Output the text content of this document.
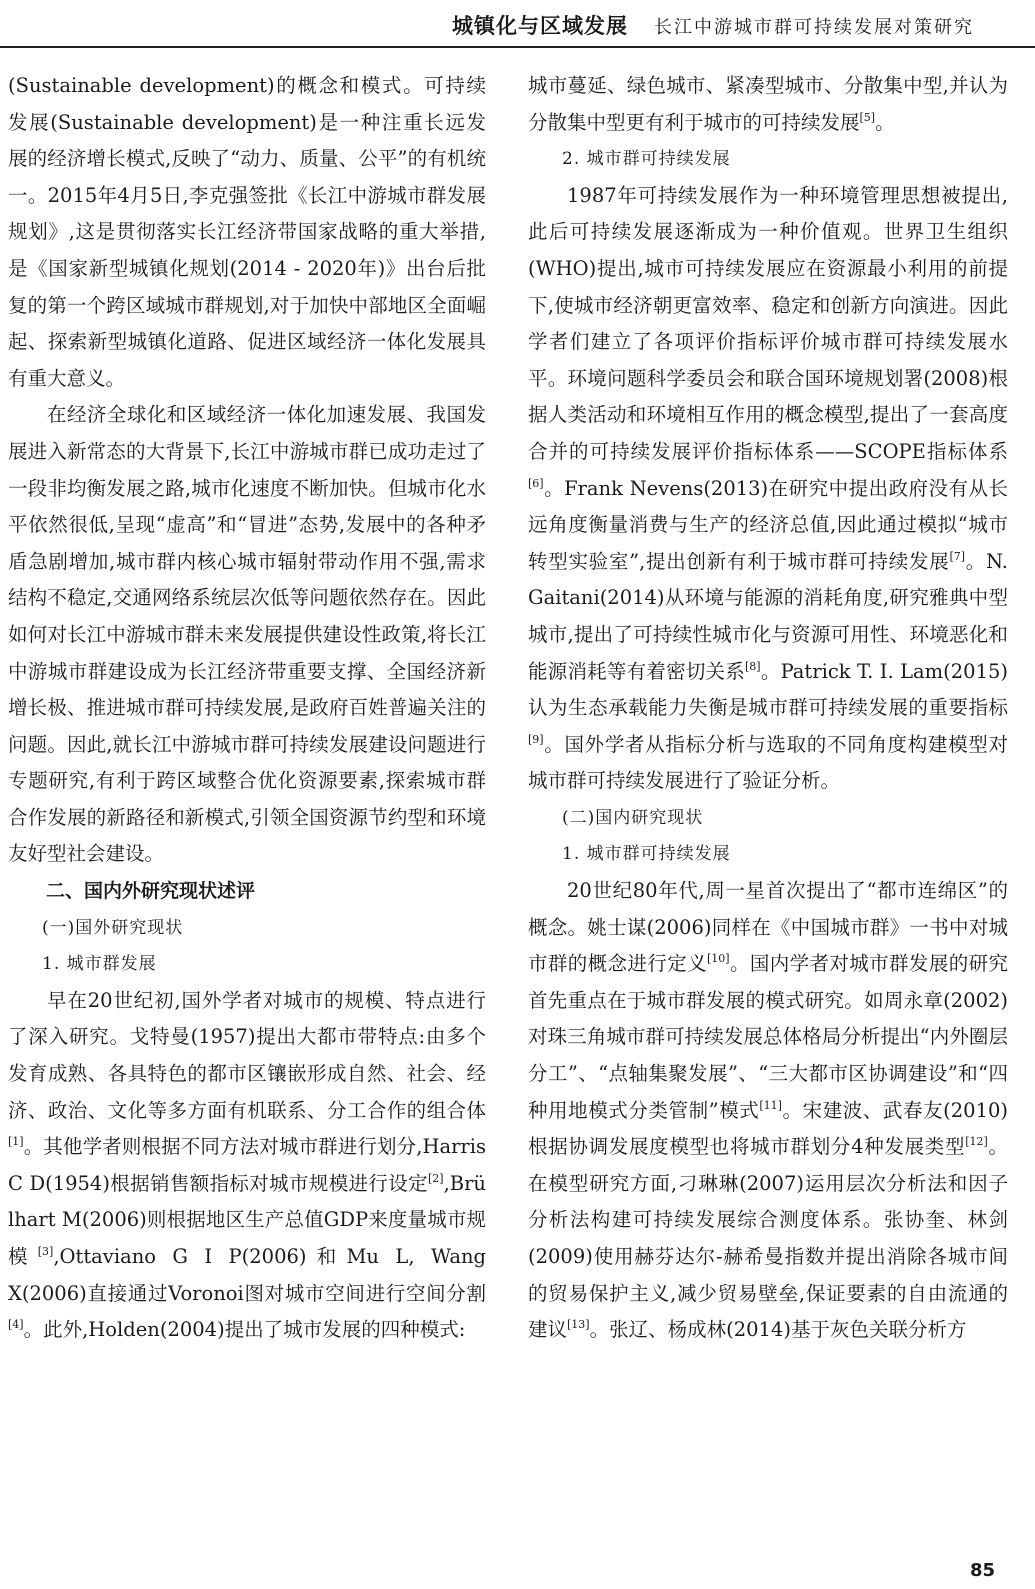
城镇化与区域发展 长江中游城市群可持续发展对策研究

(Sustainable development)的概念和模式。可持续发展(Sustainable development)是一种注重长远发展的经济增长模式,反映了“动力、质量、公平”的有机统一。2015年4月5日,李克强签批《长江中游城市群发展规划》,这是贯彻落实长江经济带国家战略的重大举措,是《国家新型城镇化规划(2014 - 2020年)》出台后批复的第一个跨区域城市群规划,对于加快中部地区全面崛起、探索新型城镇化道路、促进区域经济一体化发展具有重大意义。

在经济全球化和区域经济一体化加速发展、我国发展进入新常态的大背景下,长江中游城市群已成功走过了一段非均衡发展之路,城市化速度不断加快。但城市化水平依然很低,呈现“虚高”和“冒进”态势,发展中的各种矛盾急剧增加,城市群内核心城市辐射带动作用不强,需求结构不稳定,交通网络系统层次低等问题依然存在。因此如何对长江中游城市群未来发展提供建设性政策,将长江中游城市群建设成为长江经济带重要支撑、全国经济新增长极、推进城市群可持续发展,是政府百姓普遍关注的问题。因此,就长江中游城市群可持续发展建设问题进行专题研究,有利于跨区域整合优化资源要素,探索城市群合作发展的新路径和新模式,引领全国资源节约型和环境友好型社会建设。

二、国内外研究现状述评

(一)国外研究现状

1. 城市群发展

早在20世纪初,国外学者对城市的规模、特点进行了深入研究。戈特曼(1957)提出大都市带特点:由多个发育成熟、各具特色的都市区镶嵌形成自然、社会、经济、政治、文化等多方面有机联系、分工合作的组合体[1]。其他学者则根据不同方法对城市群进行划分,Harris C D(1954)根据销售额指标对城市规模进行设定[2],Brü lhart M(2006)则根据地区生产总值GDP来度量城市规模[3],Ottaviano G I P(2006)和Mu L, Wang X(2006)直接通过Voronoi图对城市空间进行空间分割[4]。此外,Holden(2004)提出了城市发展的四种模式:

城市蔓延、绿色城市、紧凑型城市、分散集中型,并认为分散集中型更有利于城市的可持续发展[5]。

2. 城市群可持续发展

1987年可持续发展作为一种环境管理思想被提出,此后可持续发展逐渐成为一种价值观。世界卫生组织(WHO)提出,城市可持续发展应在资源最小利用的前提下,使城市经济朝更富效率、稳定和创新方向演进。因此学者们建立了各项评价指标评价城市群可持续发展水平。环境问题科学委员会和联合国环境规划署(2008)根据人类活动和环境相互作用的概念模型,提出了一套高度合并的可持续发展评价指标体系——SCOPE指标体系[6]。Frank Nevens(2013)在研究中提出政府没有从长远角度衡量消费与生产的经济总值,因此通过模拟“城市转型实验室”,提出创新有利于城市群可持续发展[7]。N. Gaitani(2014)从环境与能源的消耗角度,研究雅典中型城市,提出了可持续性城市化与资源可用性、环境恶化和能源消耗等有着密切关系[8]。Patrick T. I. Lam(2015)认为生态承载能力失衡是城市群可持续发展的重要指标[9]。国外学者从指标分析与选取的不同角度构建模型对城市群可持续发展进行了验证分析。

(二)国内研究现状

1. 城市群可持续发展

20世纪80年代,周一星首次提出了“都市连绵区”的概念。姚士谋(2006)同样在《中国城市群》一书中对城市群的概念进行定义[10]。国内学者对城市群发展的研究首先重点在于城市群发展的模式研究。如周永章(2002)对珠三角城市群可持续发展总体格局分析提出“内外圈层分工”、“点轴集聚发展”、“三大都市区协调建设”和“四种用地模式分类管制”模式[11]。宋建波、武春友(2010)根据协调发展度模型也将城市群划分4种发展类型[12]。在模型研究方面,刁琳琳(2007)运用层次分析法和因子分析法构建可持续发展综合测度体系。张协奎、林剑(2009)使用赫芬达尔-赫希曼指数并提出消除各城市间的贸易保护主义,减少贸易壁垒,保证要素的自由流通的建议[13]。张辽、杨成林(2014)基于灰色关联分析方

85
